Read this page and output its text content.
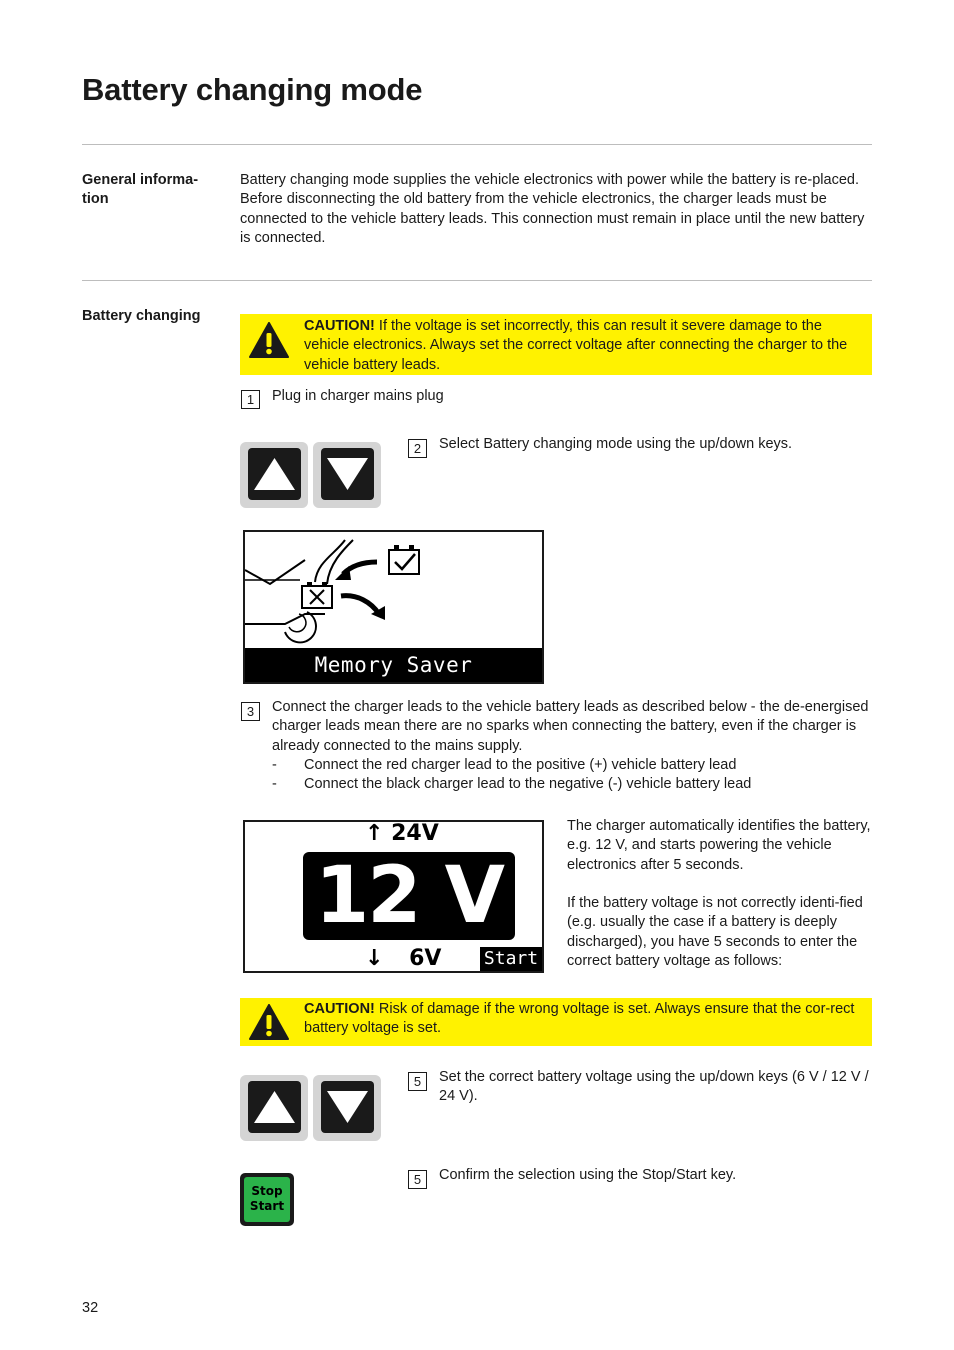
Battery changing mode
General informa-
tion
Battery changing mode supplies the vehicle electronics with power while the battery is re-placed. Before disconnecting the old battery from the vehicle electronics, the charger leads must be connected to the vehicle battery leads. This connection must remain in place until the new battery is connected.
Battery changing
CAUTION! If the voltage is set incorrectly, this can result it severe damage to the vehicle electronics. Always set the correct voltage after connecting the charger to the vehicle battery leads.
1	Plug in charger mains plug
2	Select Battery changing mode using the up/down keys.
Memory Saver
3	Connect the charger leads to the vehicle battery leads as described below - the de-energised charger leads mean there are no sparks when connecting the battery, even if the charger is already connected to the mains supply.
- Connect the red charger lead to the positive (+) vehicle battery lead
- Connect the black charger lead to the negative (-) vehicle battery lead
↑ 24V
12 V
↓ 6V Start
The charger automatically identifies the battery, e.g. 12 V, and starts powering the vehicle electronics after 5 seconds.
If the battery voltage is not correctly identi-fied (e.g. usually the case if a battery is deeply discharged), you have 5 seconds to enter the correct battery voltage as follows:
CAUTION! Risk of damage if the wrong voltage is set. Always ensure that the cor-rect battery voltage is set.
5	Set the correct battery voltage using the up/down keys (6 V / 12 V / 24 V).
Stop
Start
5	Confirm the selection using the Stop/Start key.
32
